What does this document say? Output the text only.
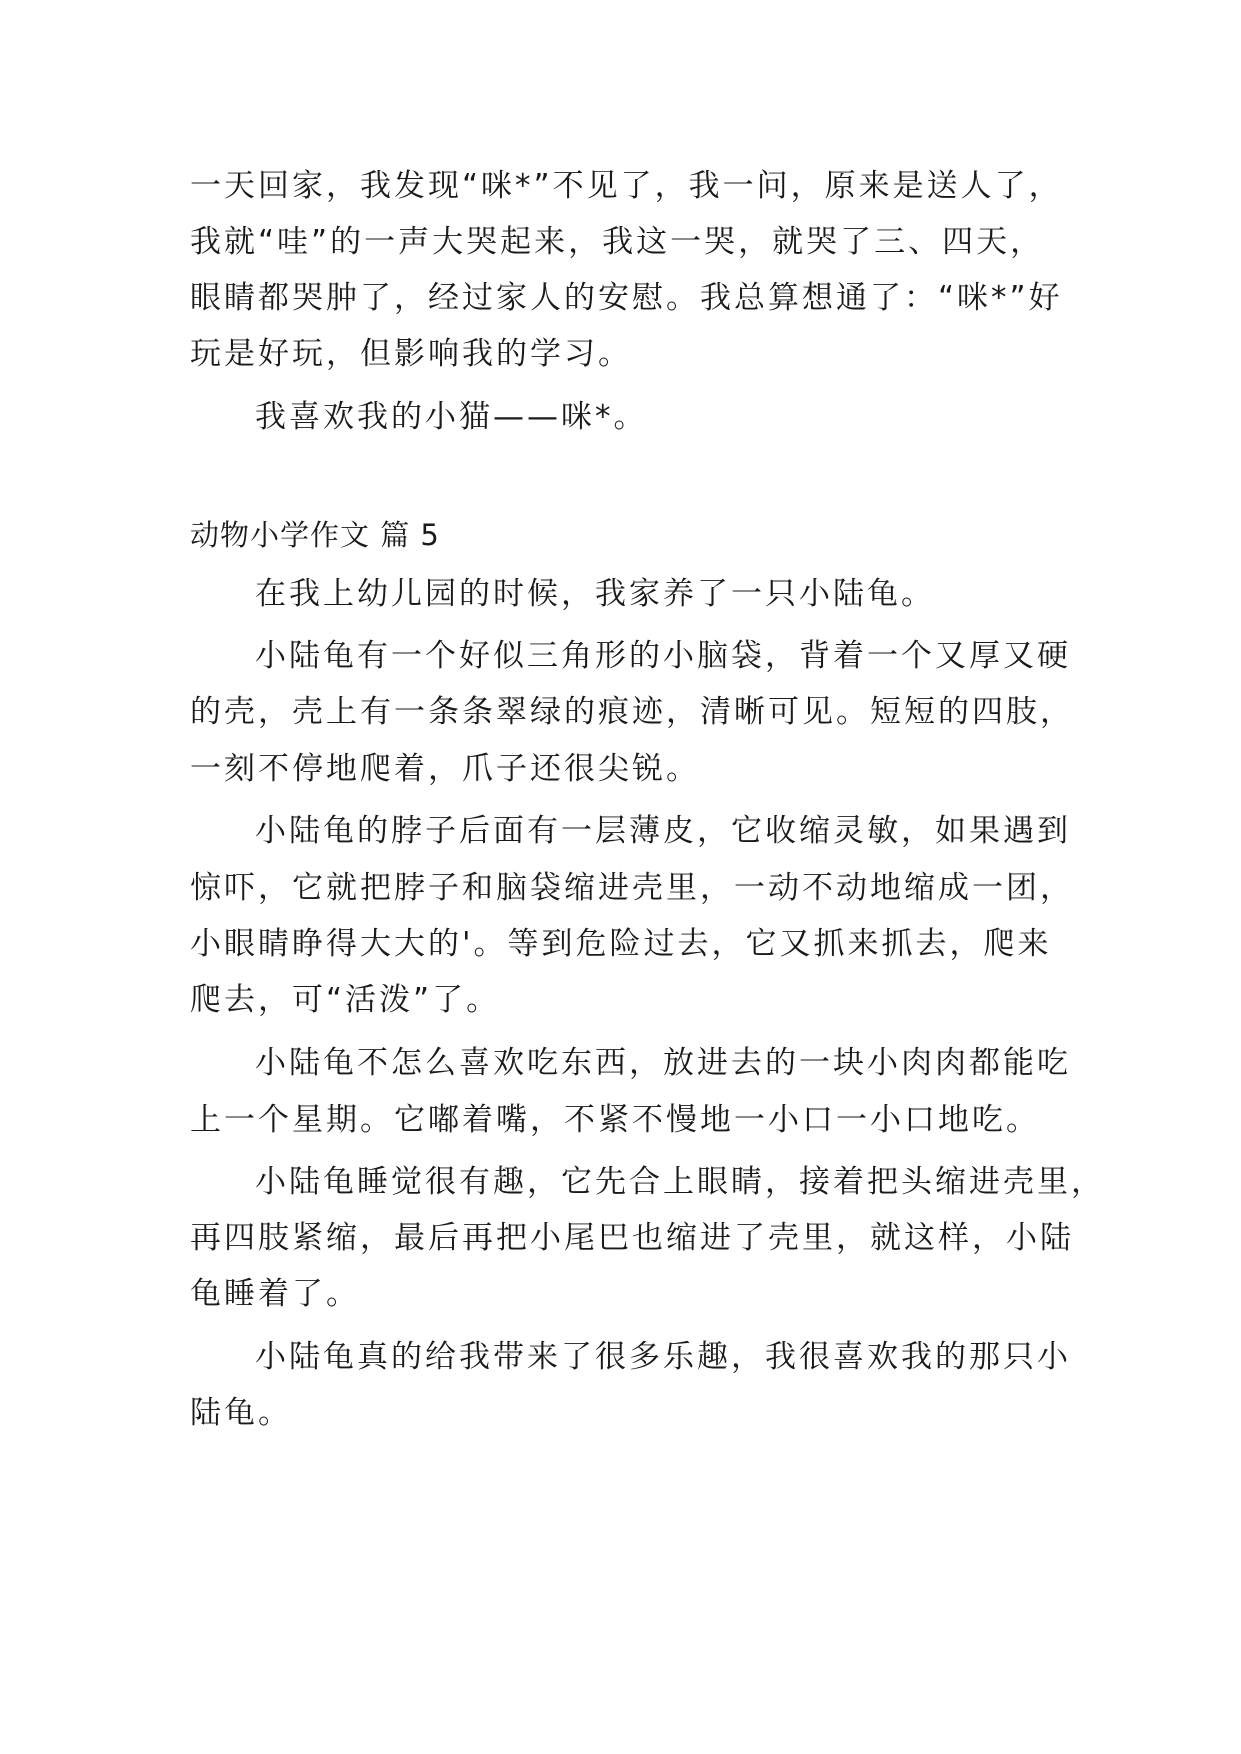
一天回家，我发现“咪*”不见了，我一问，原来是送人了，
我就“哇”的一声大哭起来，我这一哭，就哭了三、四天，
眼睛都哭肿了，经过家人的安慰。我总算想通了：“咪*”好
玩是好玩，但影响我的学习。
我喜欢我的小猫——咪*。
动物小学作文 篇 5
在我上幼儿园的时候，我家养了一只小陆龟。
小陆龟有一个好似三角形的小脑袋，背着一个又厚又硬
的壳，壳上有一条条翠绿的痕迹，清晰可见。短短的四肢，
一刻不停地爬着，爪子还很尖锐。
小陆龟的脖子后面有一层薄皮，它收缩灵敏，如果遇到
惊吓，它就把脖子和脑袋缩进壳里，一动不动地缩成一团，
小眼睛睁得大大的'。等到危险过去，它又抓来抓去，爬来
爬去，可“活泼”了。
小陆龟不怎么喜欢吃东西，放进去的一块小肉肉都能吃
上一个星期。它嘟着嘴，不紧不慢地一小口一小口地吃。
小陆龟睡觉很有趣，它先合上眼睛，接着把头缩进壳里，
再四肢紧缩，最后再把小尾巴也缩进了壳里，就这样，小陆
龟睡着了。
小陆龟真的给我带来了很多乐趣，我很喜欢我的那只小
陆龟。
